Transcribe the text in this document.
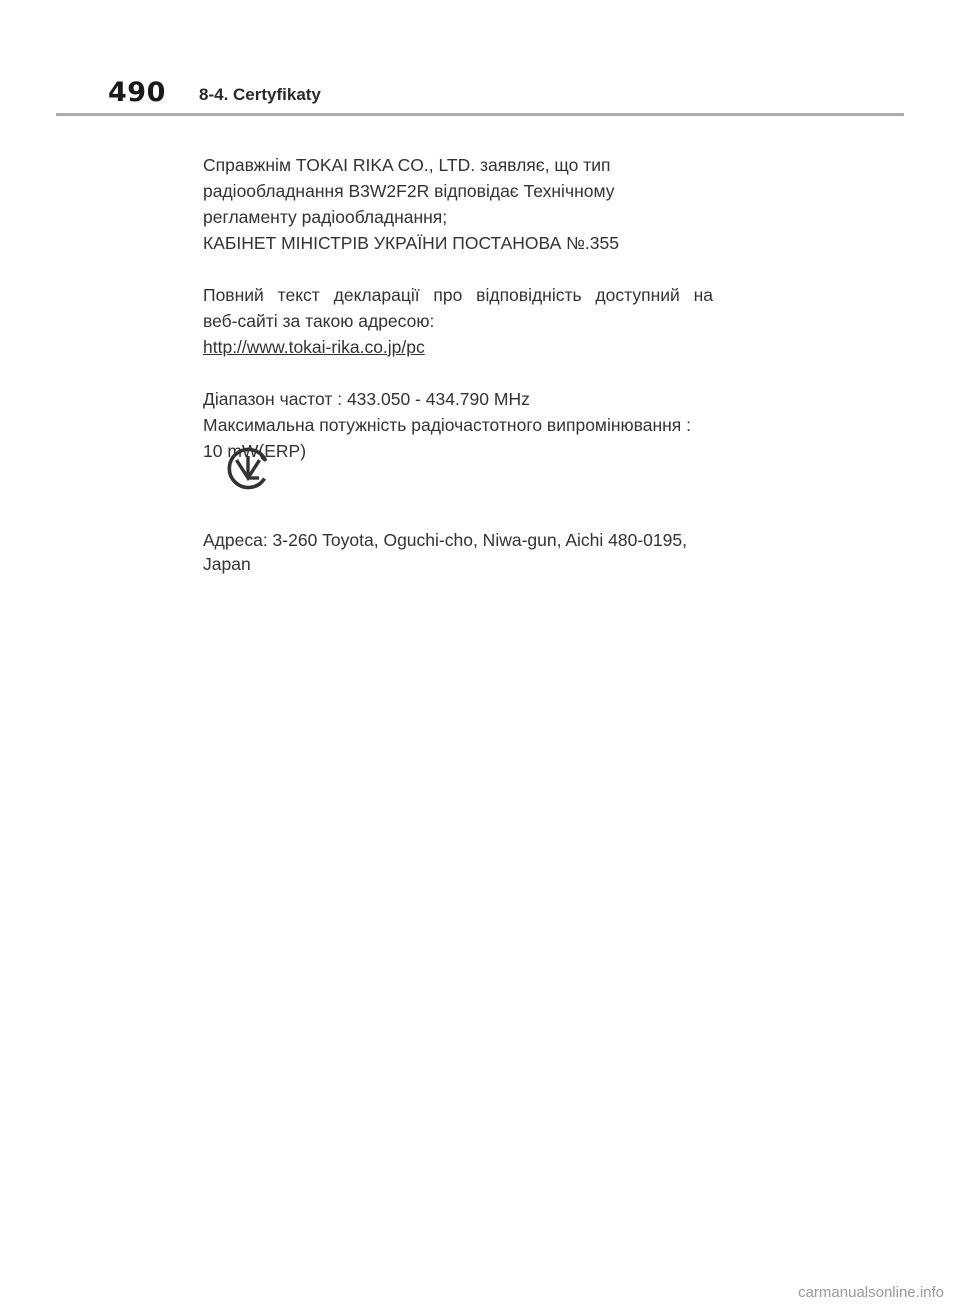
490 8-4. Certyfikaty

Справжнім TOKAI RIKA CO., LTD. заявляє, що тип

радіообладнання B3W2F2R відповідає Технічному

регламенту радіообладнання;

КАБІНЕТ МІНІСТРІВ УКРАЇНИ ПОСТАНОВА №.355

Повний текст декларації про відповідність доступний на

веб-сайті за такою адресою:

http://www.tokai-rika.co.jp/pc

Діапазон частот : 433.050 - 434.790 MHz

Максимальна потужність радіочастотного випромінювання :

10 mW(ERP)

Адреса: 3-260 Toyota, Oguchi-cho, Niwa-gun, Aichi 480-0195,
Japan
carmanualsonline.info
